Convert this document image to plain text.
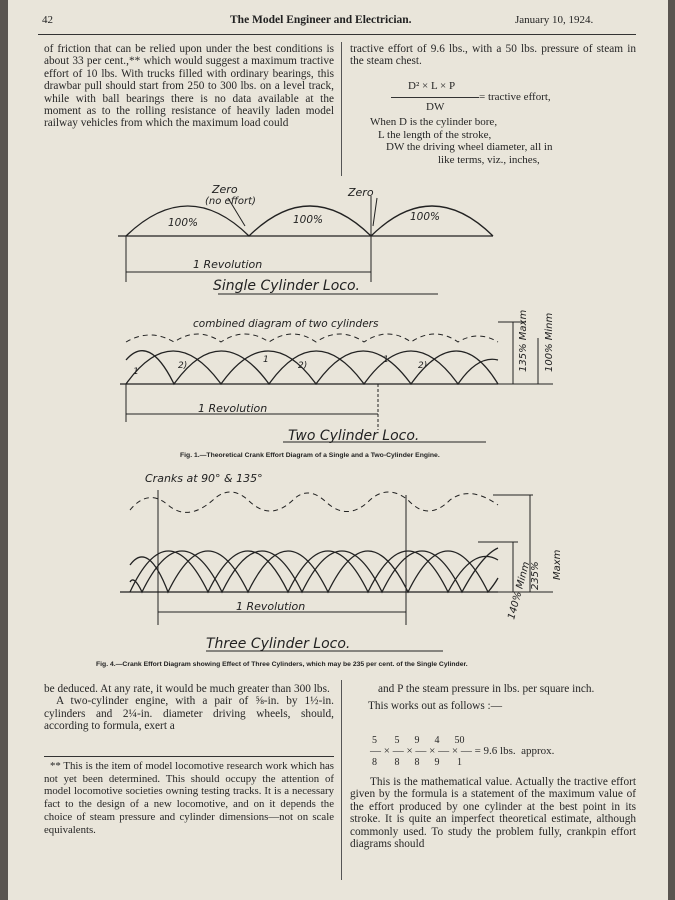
42	The Model Engineer and Electrician.	January 10, 1924.

of friction that can be relied upon under the best conditions is about 33 per cent.,** which would suggest a maximum tractive effort of 10 lbs. With trucks filled with ordinary bearings, this drawbar pull should start from 250 to 300 lbs. on a level track, while with ball bearings there is no data available at the moment as to the rolling resistance of heavily laden model railway vehicles from which the maximum load could

tractive effort of 9.6 lbs., with a 50 lbs. pressure of steam in the steam chest.

D² × L × P
= tractive effort,
DW
When D is the cylinder bore,
L the length of the stroke,
DW the driving wheel diameter, all in
like terms, viz., inches,
Zero
(no effort)
Zero
100%	100%	100%
1 Revolution
Single Cylinder Loco.
combined diagram of two cylinders
1
2)
1
2)
1
2)
1 Revolution
135% Maxm 100% Minm
Two Cylinder Loco.
Cranks at 90° & 135°
1 Revolution	140% Minm
235% Maxm
Three Cylinder Loco.
Fig. 1.—Theoretical Crank Effort Diagram of a Single and a Two-Cylinder Engine.
Fig. 4.—Crank Effort Diagram showing Effect of Three Cylinders, which may be 235 per cent. of the Single Cylinder.

be deduced. At any rate, it would be much greater than 300 lbs.

A two-cylinder engine, with a pair of ⅝-in. by 1½-in. cylinders and 2¼-in. diameter driving wheels, should, according to formula, exert a

** This is the item of model locomotive research work which has not yet been determined. This should occupy the attention of model locomotive societies owning testing tracks. It is a necessary fact to the design of a new locomotive, and on it depends the choice of steam pressure and cylinder dimensions—not on scale equivalents.

and P the steam pressure in lbs. per square inch.

This works out as follows :—

5       5      9      4      50
— × — × — × — × — = 9.6 lbs.  approx.
8       8      8      9       1

This is the mathematical value. Actually the tractive effort given by the formula is a statement of the maximum value of the effort produced by one cylinder at the best point in its stroke. It is quite an imperfect theoretical estimate, although commonly used. To study the problem fully, crankpin effort diagrams should
